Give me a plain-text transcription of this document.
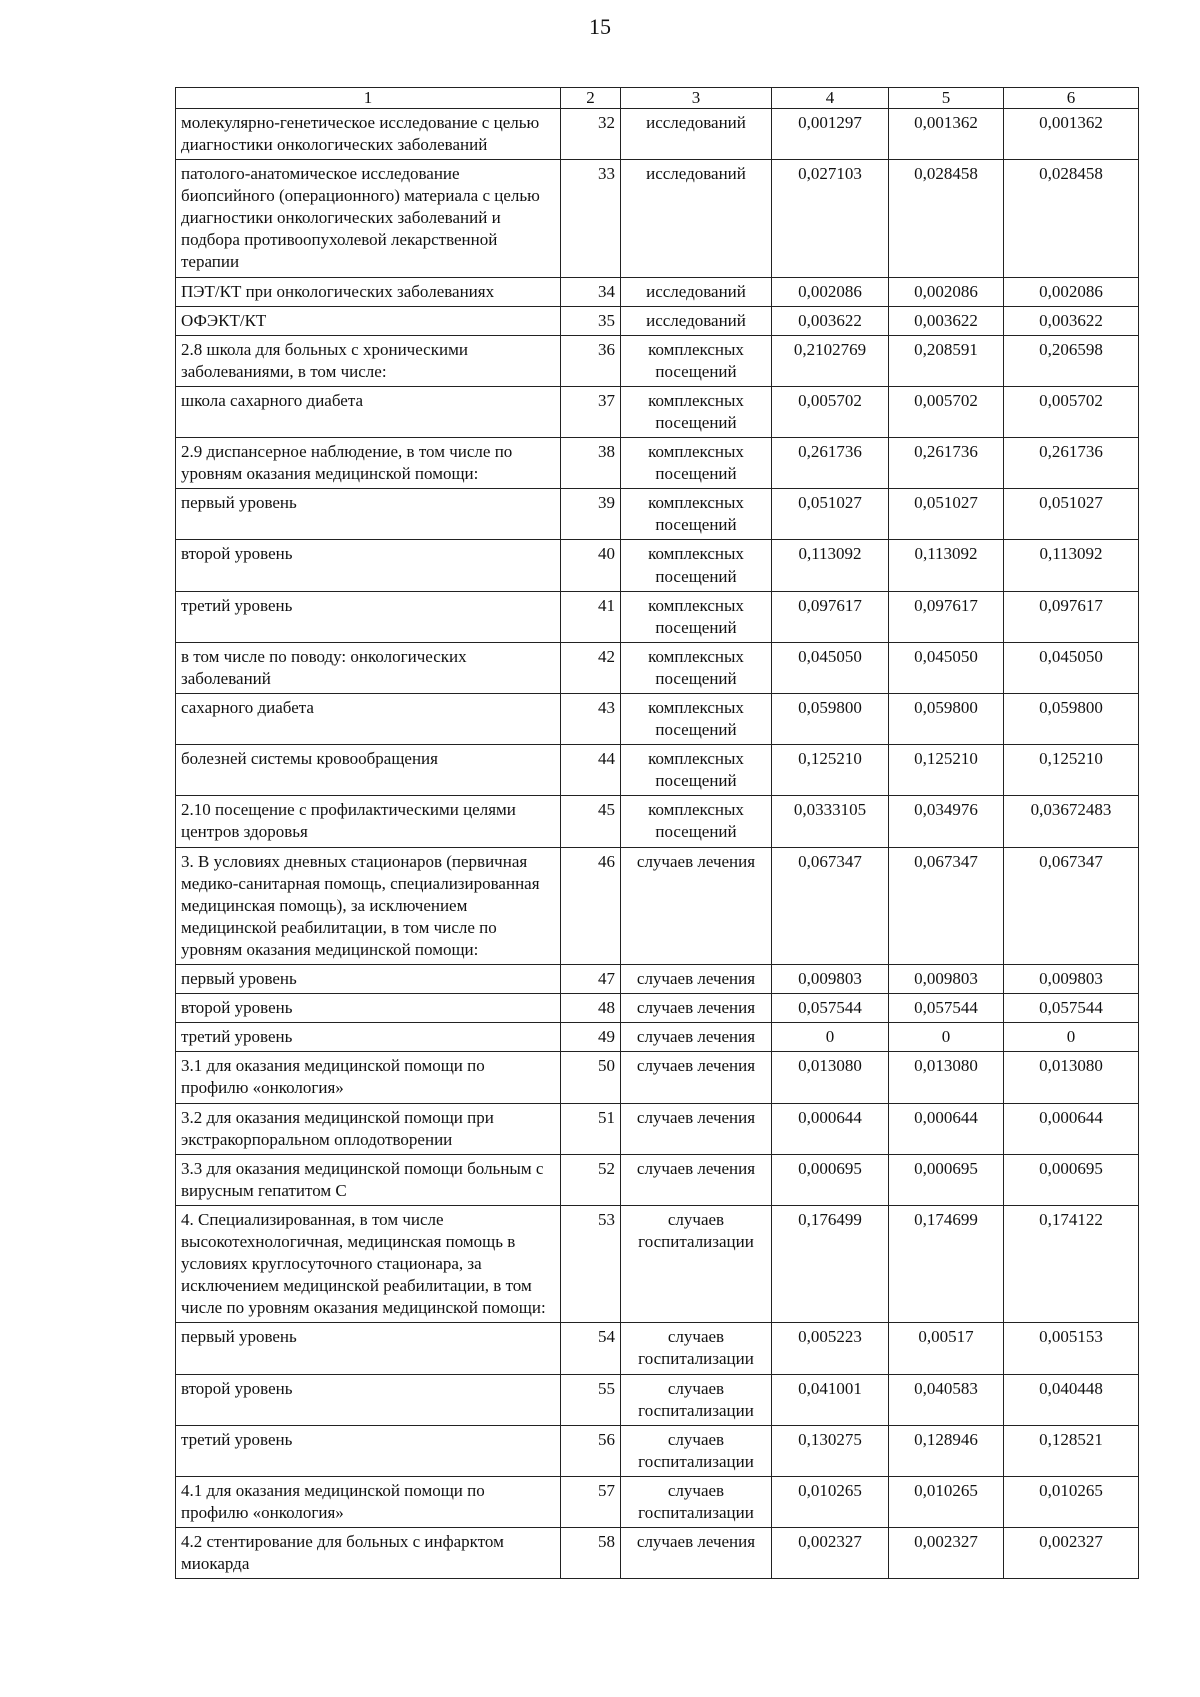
15
1	2	3	4	5	6
молекулярно-генетическое исследование с целью диагностики онкологических заболеваний	32	исследований	0,001297	0,001362	0,001362
патолого-анатомическое исследование биопсийного (операционного) материала с целью диагностики онкологических заболеваний и подбора противоопухолевой лекарственной терапии	33	исследований	0,027103	0,028458	0,028458
ПЭТ/КТ при онкологических заболеваниях	34	исследований	0,002086	0,002086	0,002086
ОФЭКТ/КТ	35	исследований	0,003622	0,003622	0,003622
2.8 школа для больных с хроническими заболеваниями, в том числе:	36	комплексных посещений	0,2102769	0,208591	0,206598
школа сахарного диабета	37	комплексных посещений	0,005702	0,005702	0,005702
2.9 диспансерное наблюдение, в том числе по уровням оказания медицинской помощи:	38	комплексных посещений	0,261736	0,261736	0,261736
первый уровень	39	комплексных посещений	0,051027	0,051027	0,051027
второй уровень	40	комплексных посещений	0,113092	0,113092	0,113092
третий уровень	41	комплексных посещений	0,097617	0,097617	0,097617
в том числе по поводу: онкологических заболеваний	42	комплексных посещений	0,045050	0,045050	0,045050
сахарного диабета	43	комплексных посещений	0,059800	0,059800	0,059800
болезней системы кровообращения	44	комплексных посещений	0,125210	0,125210	0,125210
2.10 посещение с профилактическими целями центров здоровья	45	комплексных посещений	0,0333105	0,034976	0,03672483
3. В условиях дневных стационаров (первичная медико-санитарная помощь, специализированная медицинская помощь), за исключением медицинской реабилитации, в том числе по уровням оказания медицинской помощи:	46	случаев лечения	0,067347	0,067347	0,067347
первый уровень	47	случаев лечения	0,009803	0,009803	0,009803
второй уровень	48	случаев лечения	0,057544	0,057544	0,057544
третий уровень	49	случаев лечения	0	0	0
3.1 для оказания медицинской помощи по профилю «онкология»	50	случаев лечения	0,013080	0,013080	0,013080
3.2 для оказания медицинской помощи при экстракорпоральном оплодотворении	51	случаев лечения	0,000644	0,000644	0,000644
3.3 для оказания медицинской помощи больным с вирусным гепатитом С	52	случаев лечения	0,000695	0,000695	0,000695
4. Специализированная, в том числе высокотехнологичная, медицинская помощь в условиях круглосуточного стационара, за исключением медицинской реабилитации, в том числе по уровням оказания медицинской помощи:	53	случаев госпитализации	0,176499	0,174699	0,174122
первый уровень	54	случаев госпитализации	0,005223	0,00517	0,005153
второй уровень	55	случаев госпитализации	0,041001	0,040583	0,040448
третий уровень	56	случаев госпитализации	0,130275	0,128946	0,128521
4.1 для оказания медицинской помощи по профилю «онкология»	57	случаев госпитализации	0,010265	0,010265	0,010265
4.2 стентирование для больных с инфарктом миокарда	58	случаев лечения	0,002327	0,002327	0,002327
